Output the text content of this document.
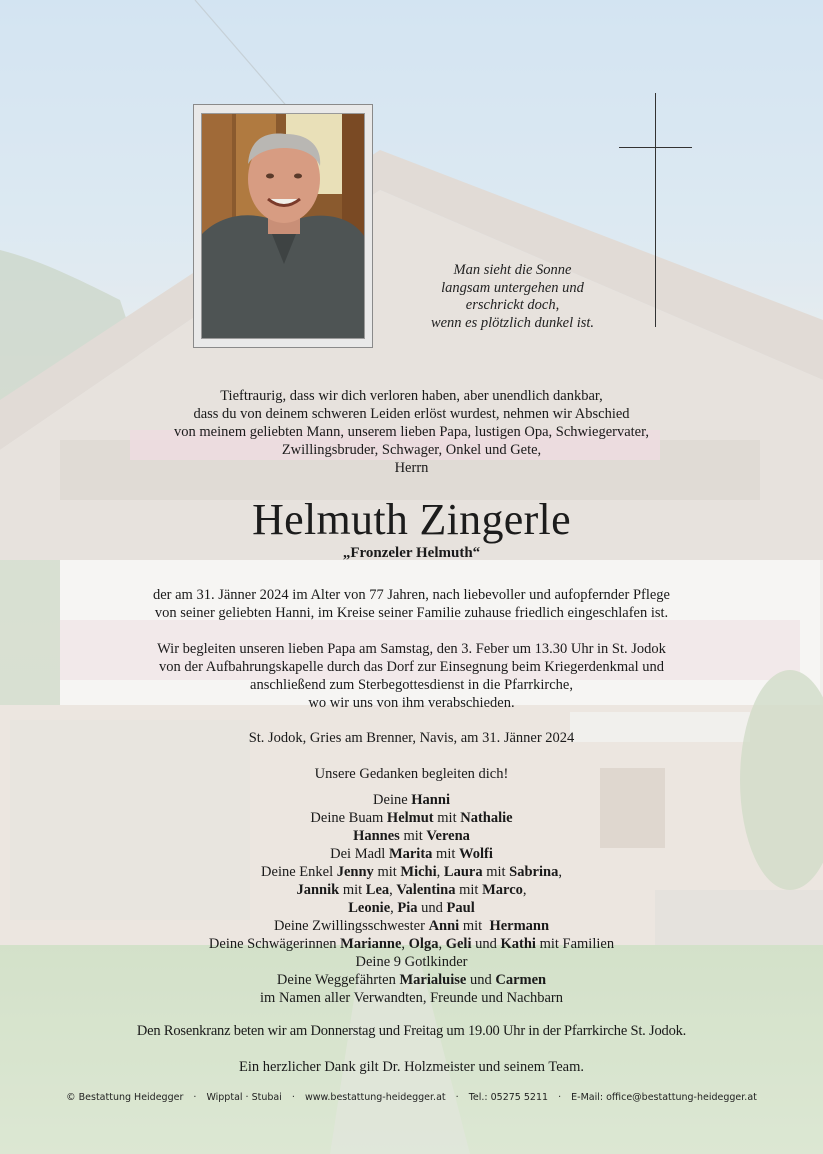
Man sieht die Sonne
langsam untergehen und
erschrickt doch,
wenn es plötzlich dunkel ist.
Tieftraurig, dass wir dich verloren haben, aber unendlich dankbar,
dass du von deinem schweren Leiden erlöst wurdest, nehmen wir Abschied
von meinem geliebten Mann, unserem lieben Papa, lustigen Opa, Schwiegervater,
Zwillingsbruder, Schwager, Onkel und Gete,
Herrn
Helmuth Zingerle
„Fronzeler Helmuth“
der am 31. Jänner 2024 im Alter von 77 Jahren, nach liebevoller und aufopfernder Pflege
von seiner geliebten Hanni, im Kreise seiner Familie zuhause friedlich eingeschlafen ist.
Wir begleiten unseren lieben Papa am Samstag, den 3. Feber um 13.30 Uhr in St. Jodok
von der Aufbahrungskapelle durch das Dorf zur Einsegnung beim Kriegerdenkmal und
anschließend zum Sterbegottesdienst in die Pfarrkirche,
wo wir uns von ihm verabschieden.
St. Jodok, Gries am Brenner, Navis, am 31. Jänner 2024
Unsere Gedanken begleiten dich!
Deine Hanni
Deine Buam Helmut mit Nathalie
Hannes mit Verena
Dei Madl Marita mit Wolfi
Deine Enkel Jenny mit Michi, Laura mit Sabrina,
Jannik mit Lea, Valentina mit Marco,
Leonie, Pia und Paul
Deine Zwillingsschwester Anni mit  Hermann
Deine Schwägerinnen Marianne, Olga, Geli und Kathi mit Familien
Deine 9 Gotlkinder
Deine Weggefährten Marialuise und Carmen
im Namen aller Verwandten, Freunde und Nachbarn
Den Rosenkranz beten wir am Donnerstag und Freitag um 19.00 Uhr in der Pfarrkirche St. Jodok.
Ein herzlicher Dank gilt Dr. Holzmeister und seinem Team.
© Bestattung Heidegger · Wipptal · Stubai · www.bestattung-heidegger.at · Tel.: 05275 5211 · E-Mail: office@bestattung-heidegger.at
